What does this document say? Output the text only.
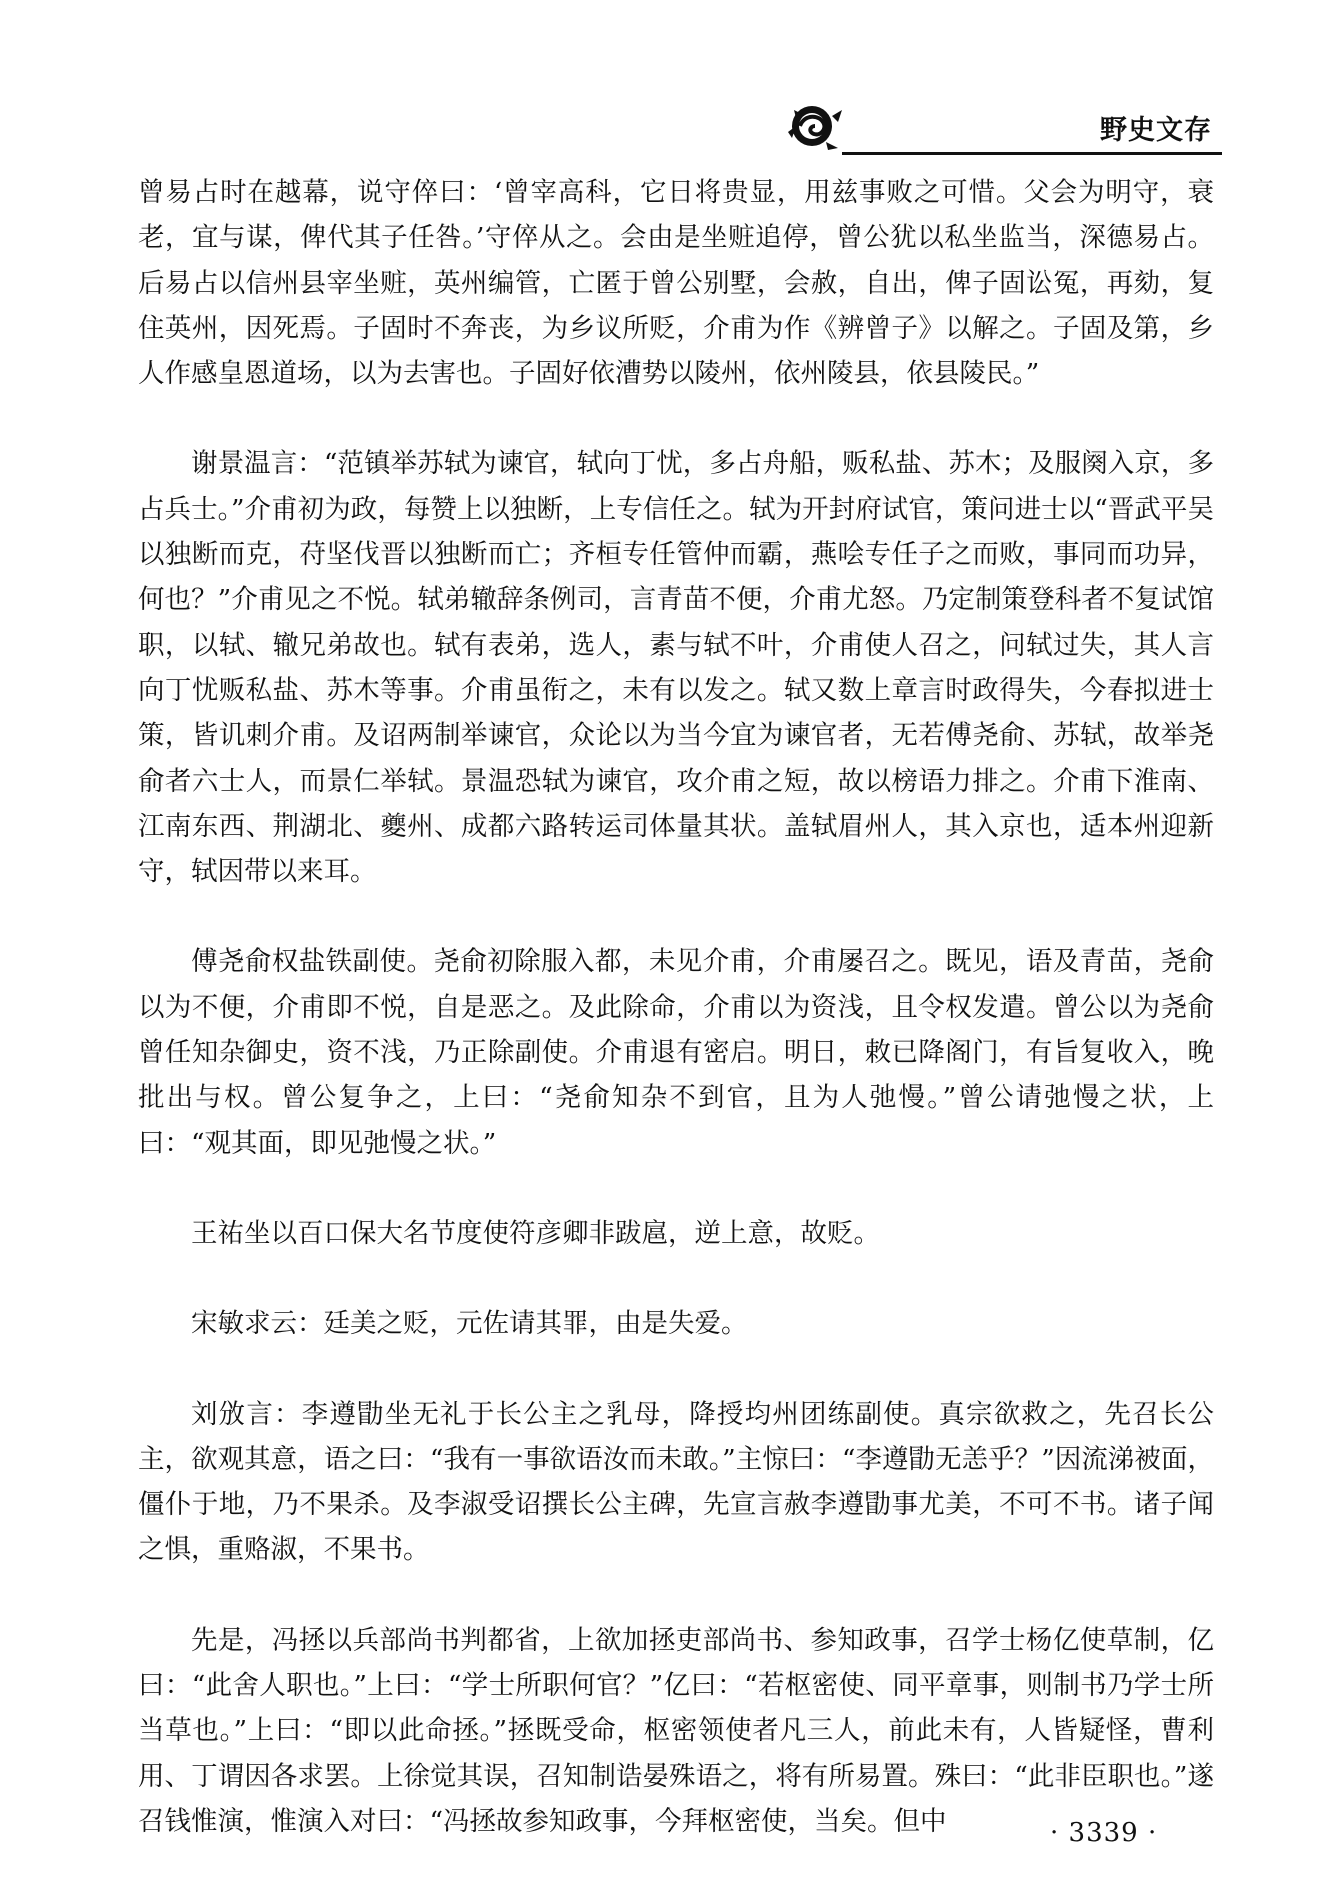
野史文存

曾易占时在越幕，说守倅曰：‘曾宰高科，它日将贵显，用兹事败之可惜。父会为明守，衰老，宜与谋，俾代其子任咎。’守倅从之。会由是坐赃追停，曾公犹以私坐监当，深德易占。后易占以信州县宰坐赃，英州编管，亡匿于曾公别墅，会赦，自出，俾子固讼冤，再劾，复住英州，因死焉。子固时不奔丧，为乡议所贬，介甫为作《辨曾子》以解之。子固及第，乡人作感皇恩道场，以为去害也。子固好依漕势以陵州，依州陵县，依县陵民。”

谢景温言：“范镇举苏轼为谏官，轼向丁忧，多占舟船，贩私盐、苏木；及服阕入京，多占兵士。”介甫初为政，每赞上以独断，上专信任之。轼为开封府试官，策问进士以“晋武平吴以独断而克，苻坚伐晋以独断而亡；齐桓专任管仲而霸，燕哙专任子之而败，事同而功异，何也？”介甫见之不悦。轼弟辙辞条例司，言青苗不便，介甫尤怒。乃定制策登科者不复试馆职，以轼、辙兄弟故也。轼有表弟，选人，素与轼不叶，介甫使人召之，问轼过失，其人言向丁忧贩私盐、苏木等事。介甫虽衔之，未有以发之。轼又数上章言时政得失，今春拟进士策，皆讥刺介甫。及诏两制举谏官，众论以为当今宜为谏官者，无若傅尧俞、苏轼，故举尧俞者六士人，而景仁举轼。景温恐轼为谏官，攻介甫之短，故以榜语力排之。介甫下淮南、江南东西、荆湖北、夔州、成都六路转运司体量其状。盖轼眉州人，其入京也，适本州迎新守，轼因带以来耳。

傅尧俞权盐铁副使。尧俞初除服入都，未见介甫，介甫屡召之。既见，语及青苗，尧俞以为不便，介甫即不悦，自是恶之。及此除命，介甫以为资浅，且令权发遣。曾公以为尧俞曾任知杂御史，资不浅，乃正除副使。介甫退有密启。明日，敕已降阁门，有旨复收入，晚批出与权。曾公复争之，上曰：“尧俞知杂不到官，且为人弛慢。”曾公请弛慢之状，上曰：“观其面，即见弛慢之状。”

王祐坐以百口保大名节度使符彦卿非跋扈，逆上意，故贬。

宋敏求云：廷美之贬，元佐请其罪，由是失爱。

刘攽言：李遵勖坐无礼于长公主之乳母，降授均州团练副使。真宗欲救之，先召长公主，欲观其意，语之曰：“我有一事欲语汝而未敢。”主惊曰：“李遵勖无恙乎？”因流涕被面，僵仆于地，乃不果杀。及李淑受诏撰长公主碑，先宣言赦李遵勖事尤美，不可不书。诸子闻之惧，重赂淑，不果书。

先是，冯拯以兵部尚书判都省，上欲加拯吏部尚书、参知政事，召学士杨亿使草制，亿曰：“此舍人职也。”上曰：“学士所职何官？”亿曰：“若枢密使、同平章事，则制书乃学士所当草也。”上曰：“即以此命拯。”拯既受命，枢密领使者凡三人，前此未有，人皆疑怪，曹利用、丁谓因各求罢。上徐觉其误，召知制诰晏殊语之，将有所易置。殊曰：“此非臣职也。”遂召钱惟演，惟演入对曰：“冯拯故参知政事，今拜枢密使，当矣。但中	· 3339 ·
